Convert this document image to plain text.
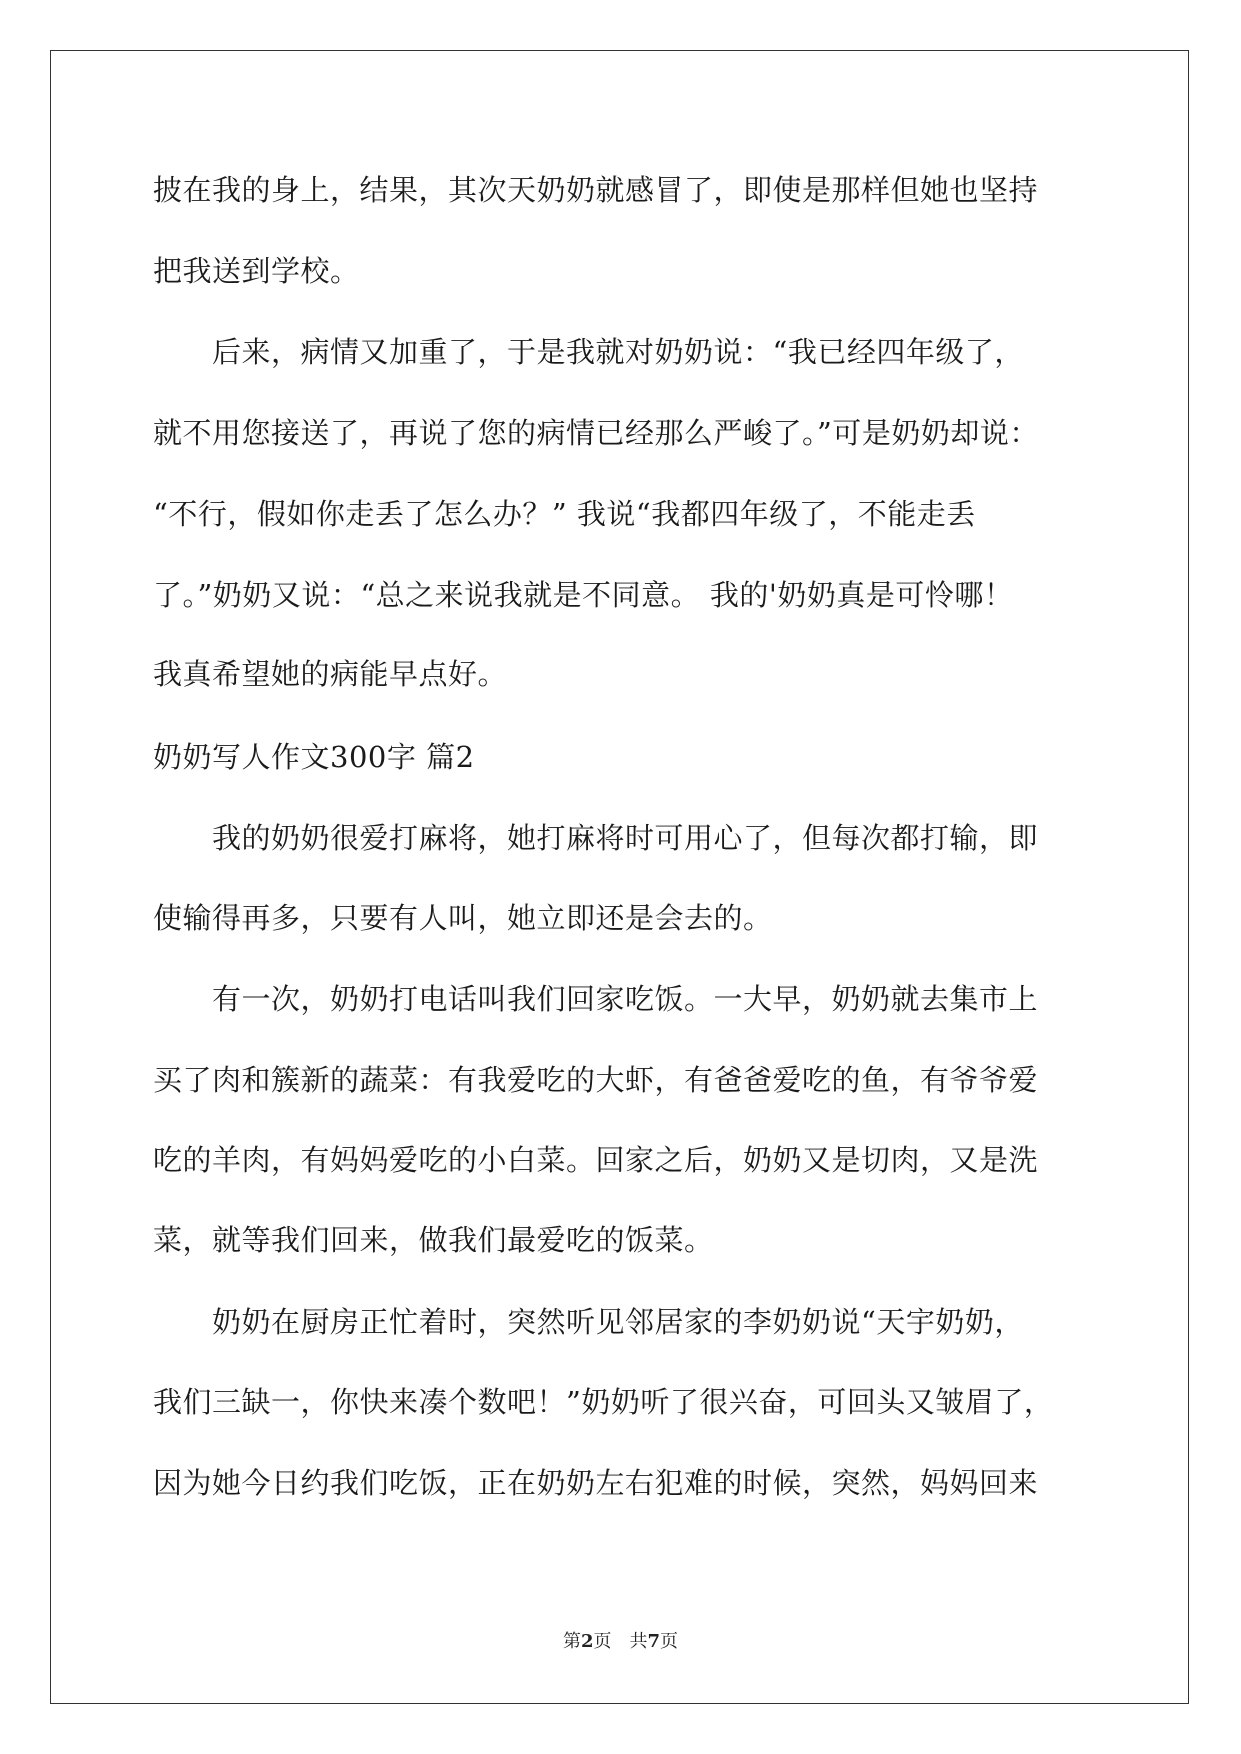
披在我的身上，结果，其次天奶奶就感冒了，即使是那样但她也坚持

把我送到学校。

　　后来，病情又加重了，于是我就对奶奶说：“我已经四年级了，

就不用您接送了，再说了您的病情已经那么严峻了。”可是奶奶却说：

“不行，假如你走丢了怎么办？” 我说“我都四年级了，不能走丢

了。”奶奶又说：“总之来说我就是不同意。 我的'奶奶真是可怜哪！

我真希望她的病能早点好。

奶奶写人作文300字 篇2

　　我的奶奶很爱打麻将，她打麻将时可用心了，但每次都打输，即

使输得再多，只要有人叫，她立即还是会去的。

　　有一次，奶奶打电话叫我们回家吃饭。一大早，奶奶就去集市上

买了肉和簇新的蔬菜：有我爱吃的大虾，有爸爸爱吃的鱼，有爷爷爱

吃的羊肉，有妈妈爱吃的小白菜。回家之后，奶奶又是切肉，又是洗

菜，就等我们回来，做我们最爱吃的饭菜。

　　奶奶在厨房正忙着时，突然听见邻居家的李奶奶说“天宇奶奶，

我们三缺一，你快来凑个数吧！”奶奶听了很兴奋，可回头又皱眉了，

因为她今日约我们吃饭，正在奶奶左右犯难的时候，突然，妈妈回来

第2页　共7页
